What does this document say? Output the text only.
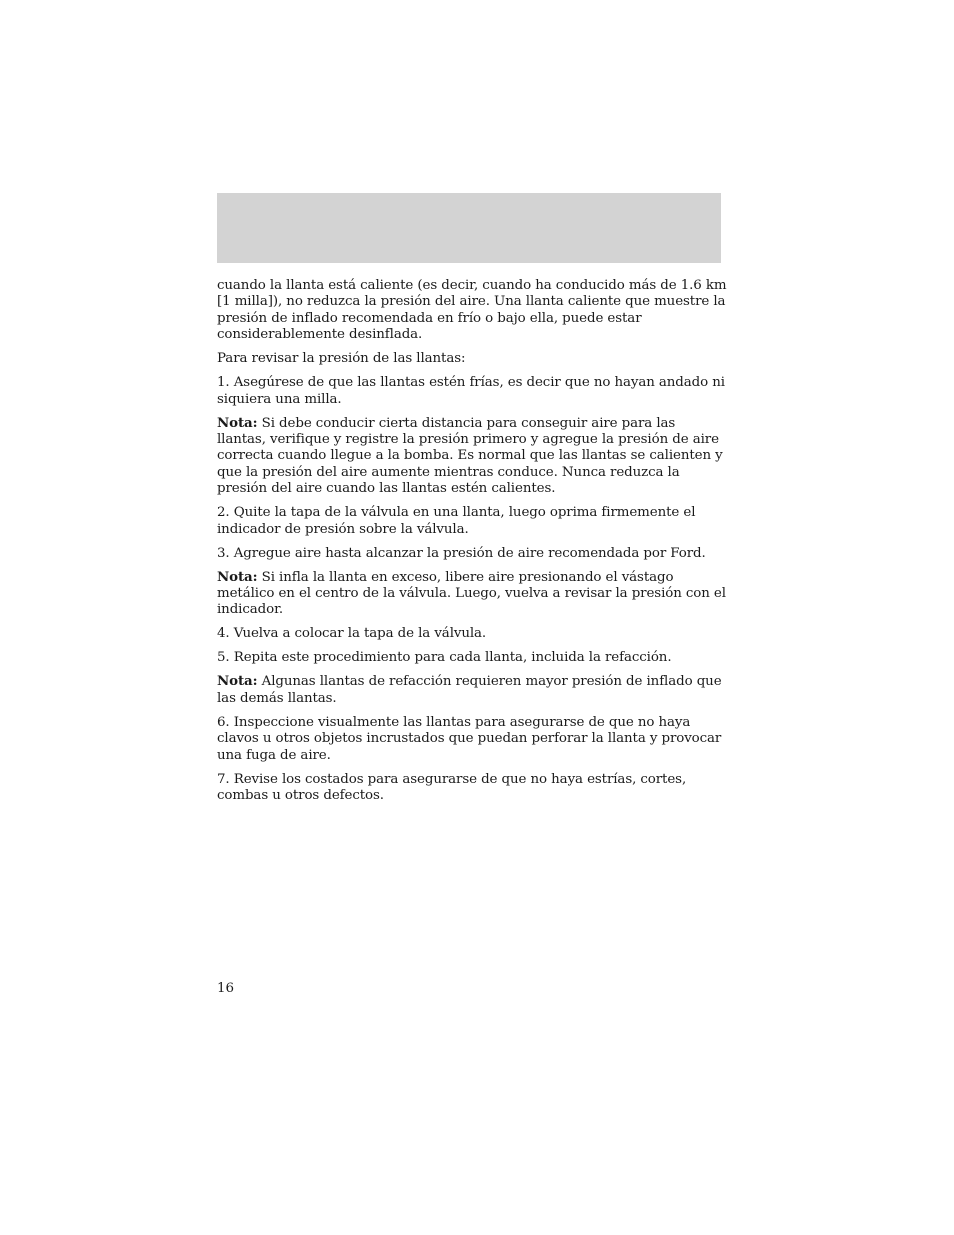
cuando la llanta está caliente (es decir, cuando ha conducido más de 1.6 km [1 milla]), no reduzca la presión del aire. Una llanta caliente que muestre la presión de inflado recomendada en frío o bajo ella, puede estar considerablemente desinflada.

Para revisar la presión de las llantas:

1. Asegúrese de que las llantas estén frías, es decir que no hayan andado ni siquiera una milla.

Nota: Si debe conducir cierta distancia para conseguir aire para las llantas, verifique y registre la presión primero y agregue la presión de aire correcta cuando llegue a la bomba. Es normal que las llantas se calienten y que la presión del aire aumente mientras conduce. Nunca reduzca la presión del aire cuando las llantas estén calientes.

2. Quite la tapa de la válvula en una llanta, luego oprima firmemente el indicador de presión sobre la válvula.

3. Agregue aire hasta alcanzar la presión de aire recomendada por Ford.

Nota: Si infla la llanta en exceso, libere aire presionando el vástago metálico en el centro de la válvula. Luego, vuelva a revisar la presión con el indicador.

4. Vuelva a colocar la tapa de la válvula.

5. Repita este procedimiento para cada llanta, incluida la refacción.

Nota: Algunas llantas de refacción requieren mayor presión de inflado que las demás llantas.

6. Inspeccione visualmente las llantas para asegurarse de que no haya clavos u otros objetos incrustados que puedan perforar la llanta y provocar una fuga de aire.

7. Revise los costados para asegurarse de que no haya estrías, cortes, combas u otros defectos.

16
